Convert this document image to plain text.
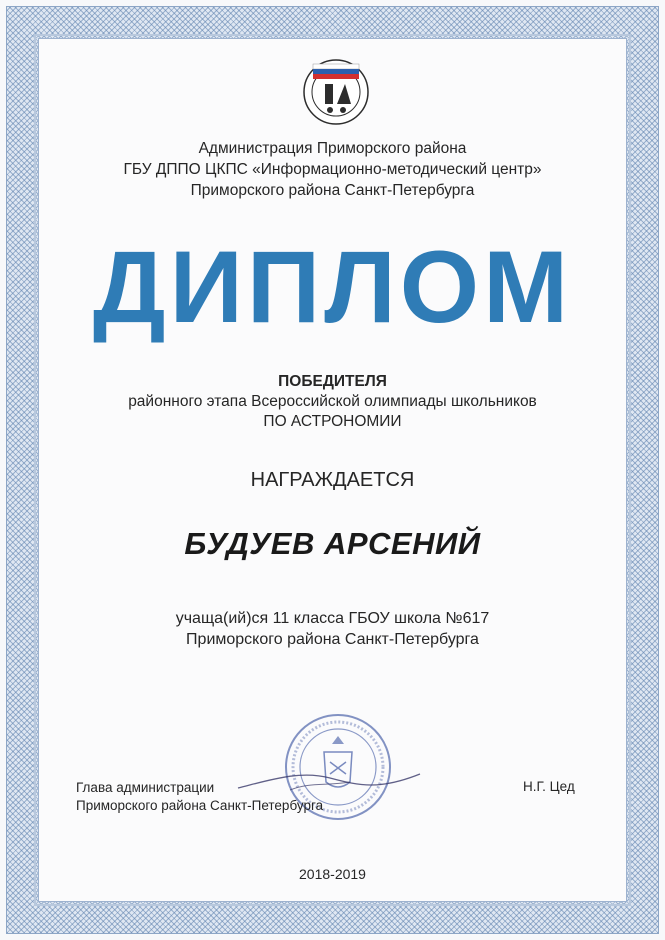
Администрация Приморского района
ГБУ ДППО ЦКПС «Информационно-методический центр»
Приморского района Санкт-Петербурга
ДИПЛОМ
ПОБЕДИТЕЛЯ
районного этапа Всероссийской олимпиады школьников
ПО АСТРОНОМИИ
НАГРАЖДАЕТСЯ
БУДУЕВ АРСЕНИЙ
учаща(ий)ся 11 класса ГБОУ школа №617
Приморского района Санкт-Петербурга
Глава администрации
Приморского района Санкт-Петербурга
Н.Г. Цед
2018-2019
